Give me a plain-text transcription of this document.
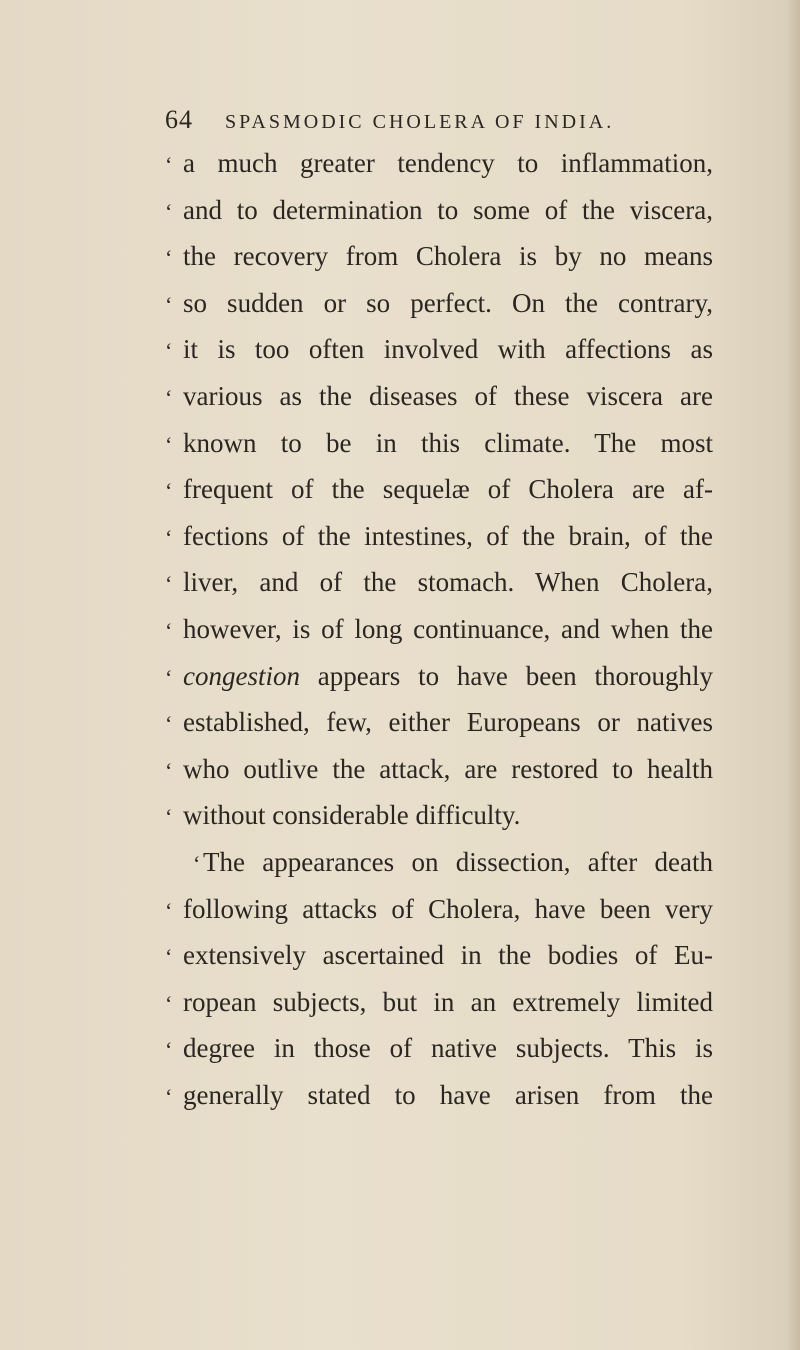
64 SPASMODIC CHOLERA OF INDIA.
‘ a much greater tendency to inflammation,
‘ and to determination to some of the viscera,
‘ the recovery from Cholera is by no means
‘ so sudden or so perfect. On the contrary,
‘ it is too often involved with affections as
‘ various as the diseases of these viscera are
‘ known to be in this climate. The most
‘ frequent of the sequelæ of Cholera are af-
‘ fections of the intestines, of the brain, of the
‘ liver, and of the stomach. When Cholera,
‘ however, is of long continuance, and when the
‘ congestion appears to have been thoroughly
‘ established, few, either Europeans or natives
‘ who outlive the attack, are restored to health
‘ without considerable difficulty.
‘ The appearances on dissection, after death
‘ following attacks of Cholera, have been very
‘ extensively ascertained in the bodies of Eu-
‘ ropean subjects, but in an extremely limited
‘ degree in those of native subjects. This is
‘ generally stated to have arisen from the
